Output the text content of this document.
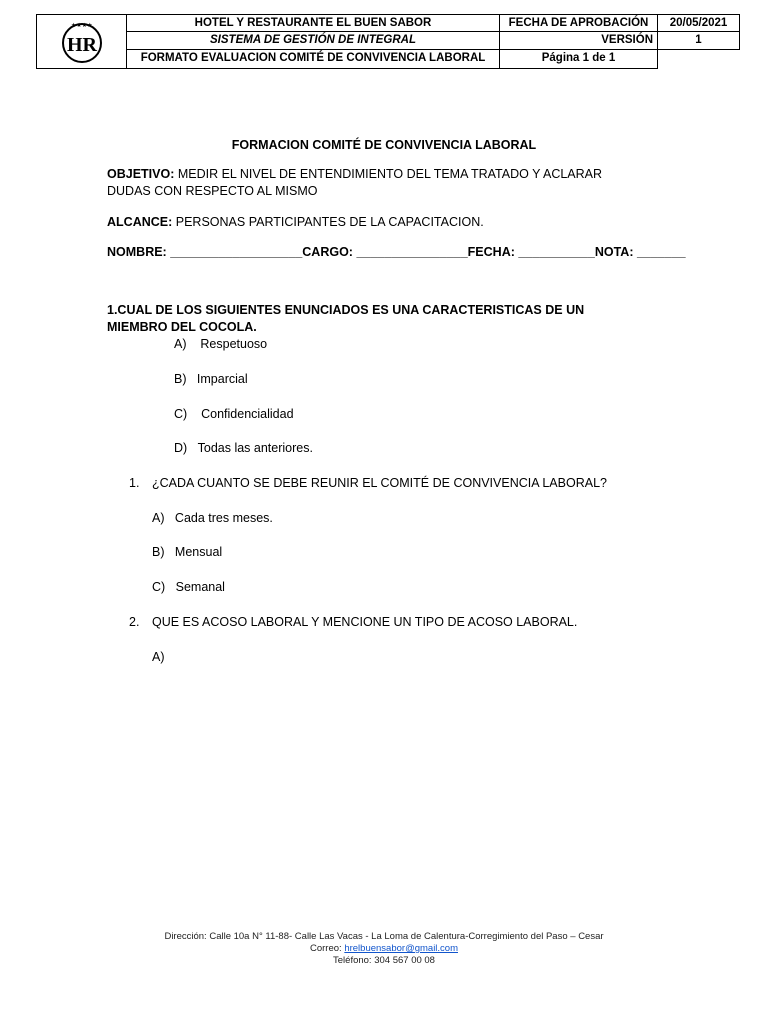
HR
★★★★	HOTEL Y RESTAURANTE EL BUEN SABOR	FECHA DE APROBACIÓN	20/05/2021
	SISTEMA DE GESTIÓN DE INTEGRAL	VERSIÓN	1
	FORMATO EVALUACION COMITÉ DE CONVIVENCIA LABORAL	Página 1 de 1	
FORMACION COMITÉ DE CONVIVENCIA LABORAL
OBJETIVO: MEDIR EL NIVEL DE ENTENDIMIENTO DEL TEMA TRATADO Y ACLARAR DUDAS CON RESPECTO AL MISMO
ALCANCE: PERSONAS PARTICIPANTES DE LA CAPACITACION.
NOMBRE: ___________________CARGO: ________________FECHA: ___________NOTA: _______
1.CUAL DE LOS SIGUIENTES ENUNCIADOS ES UNA CARACTERISTICAS DE UN MIEMBRO DEL COCOLA.
A) Respetuoso
B) Imparcial
C) Confidencialidad
D) Todas las anteriores.
1. ¿CADA CUANTO SE DEBE REUNIR EL COMITÉ DE CONVIVENCIA LABORAL?
A) Cada tres meses.
B) Mensual
C) Semanal
2. QUE ES ACOSO LABORAL Y MENCIONE UN TIPO DE ACOSO LABORAL.
A)
Dirección: Calle 10a N° 11-88- Calle Las Vacas - La Loma de Calentura-Corregimiento del Paso – Cesar
Correo: hrelbuensabor@gmail.com
Teléfono: 304 567 00 08
